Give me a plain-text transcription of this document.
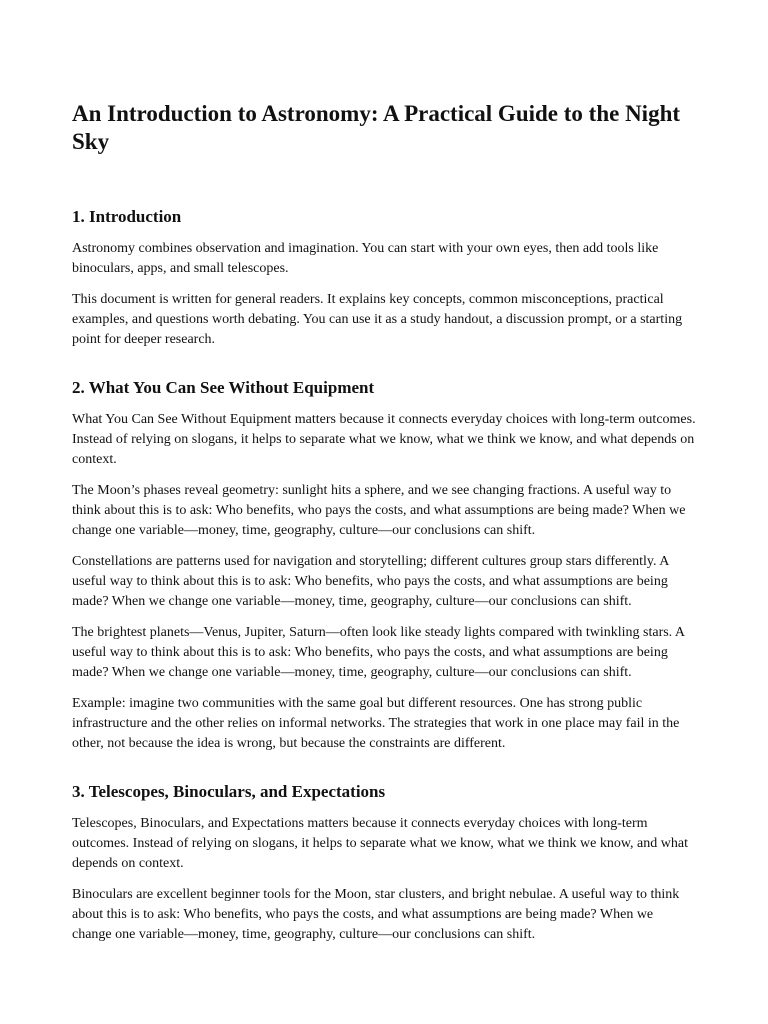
An Introduction to Astronomy: A Practical Guide to the Night Sky
1. Introduction

Astronomy combines observation and imagination. You can start with your own eyes, then add tools like binoculars, apps, and small telescopes.

This document is written for general readers. It explains key concepts, common misconceptions, practical examples, and questions worth debating. You can use it as a study handout, a discussion prompt, or a starting point for deeper research.

2. What You Can See Without Equipment

What You Can See Without Equipment matters because it connects everyday choices with long-term outcomes. Instead of relying on slogans, it helps to separate what we know, what we think we know, and what depends on context.

The Moon’s phases reveal geometry: sunlight hits a sphere, and we see changing fractions. A useful way to think about this is to ask: Who benefits, who pays the costs, and what assumptions are being made? When we change one variable—money, time, geography, culture—our conclusions can shift.

Constellations are patterns used for navigation and storytelling; different cultures group stars differently. A useful way to think about this is to ask: Who benefits, who pays the costs, and what assumptions are being made? When we change one variable—money, time, geography, culture—our conclusions can shift.

The brightest planets—Venus, Jupiter, Saturn—often look like steady lights compared with twinkling stars. A useful way to think about this is to ask: Who benefits, who pays the costs, and what assumptions are being made? When we change one variable—money, time, geography, culture—our conclusions can shift.

Example: imagine two communities with the same goal but different resources. One has strong public infrastructure and the other relies on informal networks. The strategies that work in one place may fail in the other, not because the idea is wrong, but because the constraints are different.

3. Telescopes, Binoculars, and Expectations

Telescopes, Binoculars, and Expectations matters because it connects everyday choices with long-term outcomes. Instead of relying on slogans, it helps to separate what we know, what we think we know, and what depends on context.

Binoculars are excellent beginner tools for the Moon, star clusters, and bright nebulae. A useful way to think about this is to ask: Who benefits, who pays the costs, and what assumptions are being made? When we change one variable—money, time, geography, culture—our conclusions can shift.
